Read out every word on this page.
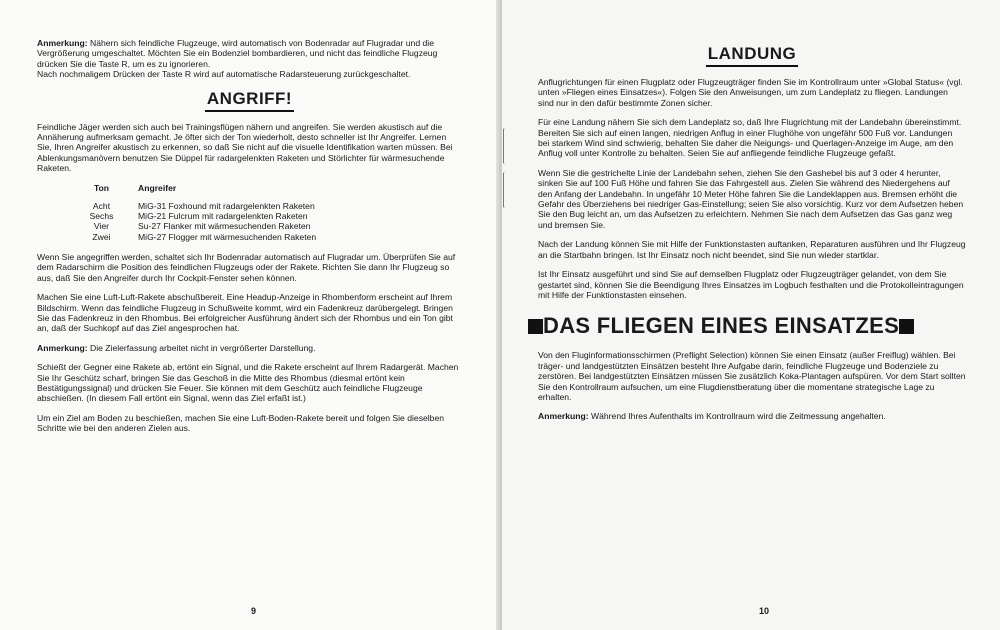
Anmerkung: Nähern sich feindliche Flugzeuge, wird automatisch von Bodenradar auf Flugradar und die Vergrößerung umgeschaltet. Möchten Sie ein Bodenziel bombardieren, und nicht das feindliche Flugzeug drücken Sie die Taste R, um es zu ignorieren.
Nach nochmaligem Drücken der Taste R wird auf automatische Radarsteuerung zurückgeschaltet.

ANGRIFF!

Feindliche Jäger werden sich auch bei Trainingsflügen nähern und angreifen. Sie werden akustisch auf die Annäherung aufmerksam gemacht. Je öfter sich der Ton wiederholt, desto schneller ist Ihr Angreifer. Lernen Sie, Ihren Angreifer akustisch zu erkennen, so daß Sie nicht auf die visuelle Identifikation warten müssen. Bei Ablenkungsmanövern benutzen Sie Düppel für radargelenkten Raketen und Störlichter für wärmesuchende Raketen.

Ton	Angreifer
Acht	MiG-31 Foxhound mit radargelenkten Raketen
Sechs	MiG-21 Fulcrum mit radargelenkten Raketen
Vier	Su-27 Flanker mit wärmesuchenden Raketen
Zwei	MiG-27 Flogger mit wärmesuchenden Raketen

Wenn Sie angegriffen werden, schaltet sich Ihr Bodenradar automatisch auf Flugradar um. Überprüfen Sie auf dem Radarschirm die Position des feindlichen Flugzeugs oder der Rakete. Richten Sie dann Ihr Flugzeug so aus, daß Sie den Angreifer durch Ihr Cockpit-Fenster sehen können.

Machen Sie eine Luft-Luft-Rakete abschußbereit. Eine Headup-Anzeige in Rhombenform erscheint auf Ihrem Bildschirm. Wenn das feindliche Flugzeug in Schußweite kommt, wird ein Fadenkreuz darübergelegt. Bringen Sie das Fadenkreuz in den Rhombus. Bei erfolgreicher Ausführung ändert sich der Rhombus und ein Ton gibt an, daß der Suchkopf auf das Ziel angesprochen hat.

Anmerkung: Die Zielerfassung arbeitet nicht in vergrößerter Darstellung.

Schießt der Gegner eine Rakete ab, ertönt ein Signal, und die Rakete erscheint auf Ihrem Radargerät. Machen Sie Ihr Geschütz scharf, bringen Sie das Geschoß in die Mitte des Rhombus (diesmal ertönt kein Bestätigungssignal) und drücken Sie Feuer. Sie können mit dem Geschütz auch feindliche Flugzeuge abschießen. (In diesem Fall ertönt ein Signal, wenn das Ziel erfaßt ist.)

Um ein Ziel am Boden zu beschießen, machen Sie eine Luft-Boden-Rakete bereit und folgen Sie dieselben Schritte wie bei den anderen Zielen aus.

9
LANDUNG

Anflugrichtungen für einen Flugplatz oder Flugzeugträger finden Sie im Kontrollraum unter »Global Status« (vgl. unten »Fliegen eines Einsatzes«). Folgen Sie den Anweisungen, um zum Landeplatz zu fliegen. Landungen sind nur in den dafür bestimmte Zonen sicher.

Für eine Landung nähern Sie sich dem Landeplatz so, daß Ihre Flugrichtung mit der Landebahn übereinstimmt. Bereiten Sie sich auf einen langen, niedrigen Anflug in einer Flughöhe von ungefähr 500 Fuß vor. Landungen bei starkem Wind sind schwierig, behalten Sie daher die Neigungs- und Querlagen-Anzeige im Auge, am den Anflug voll unter Kontrolle zu behalten. Seien Sie auf anfliegende feindliche Flugzeuge gefaßt.

Wenn Sie die gestrichelte Linie der Landebahn sehen, ziehen Sie den Gashebel bis auf 3 oder 4 herunter, sinken Sie auf 100 Fuß Höhe und fahren Sie das Fahrgestell aus. Zielen Sie während des Niedergehens auf den Anfang der Landebahn. In ungefähr 10 Meter Höhe fahren Sie die Landeklappen aus. Bremsen erhöht die Gefahr des Überziehens bei niedriger Gas-Einstellung; seien Sie also vorsichtig. Kurz vor dem Aufsetzen heben Sie den Bug leicht an, um das Aufsetzen zu erleichtern. Nehmen Sie nach dem Aufsetzen das Gas ganz weg und bremsen Sie.

Nach der Landung können Sie mit Hilfe der Funktionstasten auftanken, Reparaturen ausführen und Ihr Flugzeug an die Startbahn bringen. Ist Ihr Einsatz noch nicht beendet, sind Sie nun wieder startklar.

Ist Ihr Einsatz ausgeführt und sind Sie auf demselben Flugplatz oder Flugzeugträger gelandet, von dem Sie gestartet sind, können Sie die Beendigung Ihres Einsatzes im Logbuch festhalten und die Protokolleintragungen mit Hilfe der Funktionstasten einsehen.

DAS FLIEGEN EINES EINSATZES

Von den Fluginformationsschirmen (Preflight Selection) können Sie einen Einsatz (außer Freiflug) wählen. Bei träger- und landgestützten Einsätzen besteht Ihre Aufgabe darin, feindliche Flugzeuge und Bodenziele zu zerstören. Bei landgestützten Einsätzen müssen Sie zusätzlich Koka-Plantagen aufspüren. Vor dem Start sollten Sie den Kontrollraum aufsuchen, um eine Flugdienstberatung über die momentane strategische Lage zu erhalten.

Anmerkung: Während Ihres Aufenthalts im Kontrollraum wird die Zeitmessung angehalten.

10
